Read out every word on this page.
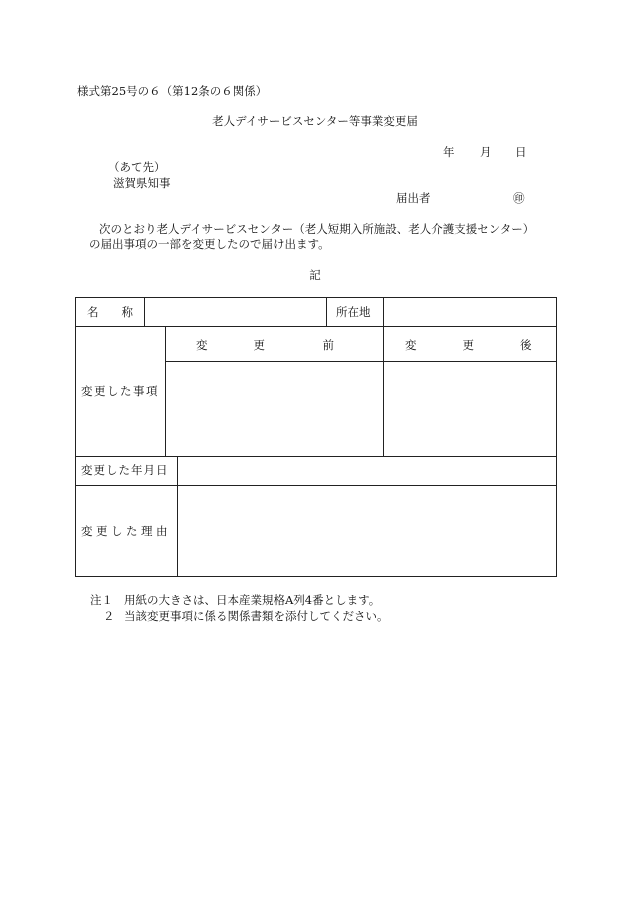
様式第25号の６（第12条の６関係）
老人デイサービスセンター等事業変更届
年 月 日
（あて先）
滋賀県知事
届出者	㊞
次のとおり老人デイサービスセンター（老人短期入所施設、老人介護支援センター）
の届出事項の一部を変更したので届け出ます。
記
名　　称	所在地
変　　　　更　　　　　前	変　　　　更　　　　後
変更した事項
変更した年月日
変更した理由
注１ 用紙の大きさは、日本産業規格A列4番とします。
２ 当該変更事項に係る関係書類を添付してください。
